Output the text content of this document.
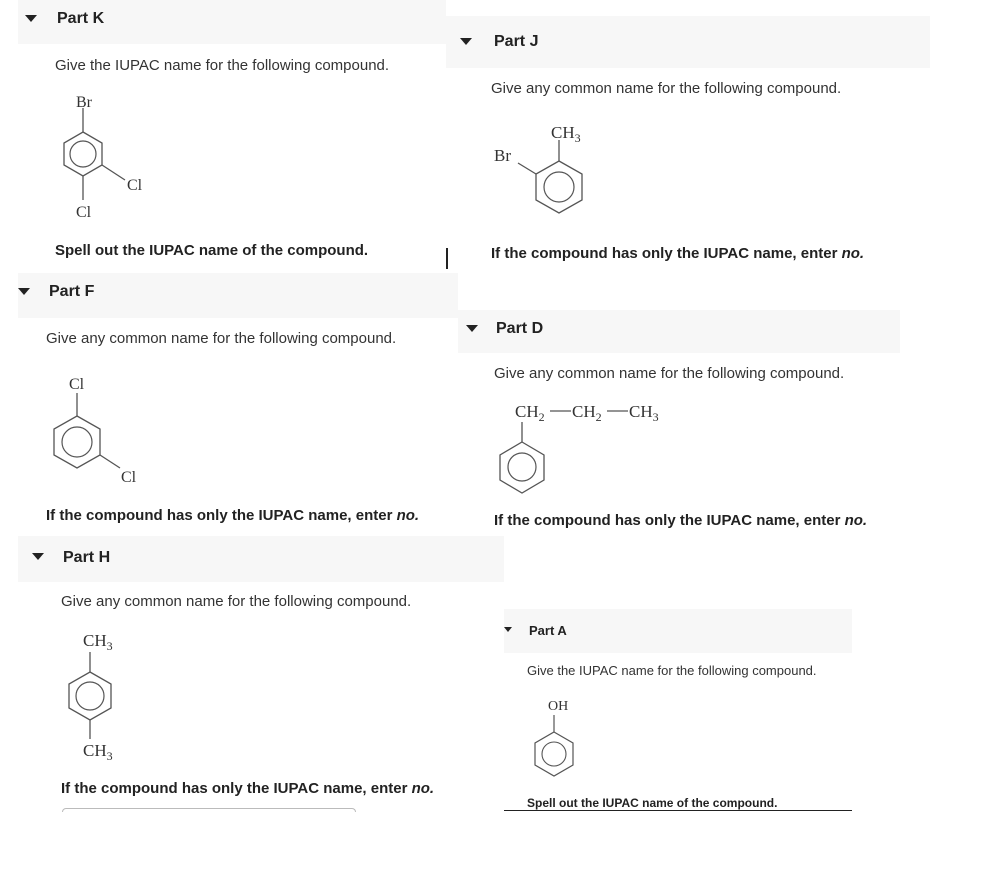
Part K
Give the IUPAC name for the following compound.
Br
Cl
Cl
Spell out the IUPAC name of the compound.
Part J
Give any common name for the following compound.
$CH_3$
Br
If the compound has only the IUPAC name, enter no.
Part F
Give any common name for the following compound.
Cl
Cl
If the compound has only the IUPAC name, enter no.
Part D
Give any common name for the following compound.
$CH_2$ $CH_2$ $CH_3$
If the compound has only the IUPAC name, enter no.
Part H
Give any common name for the following compound.
$CH_3$
$CH_3$
If the compound has only the IUPAC name, enter no.
Part A
Give the IUPAC name for the following compound.
OH
Spell out the IUPAC name of the compound.
